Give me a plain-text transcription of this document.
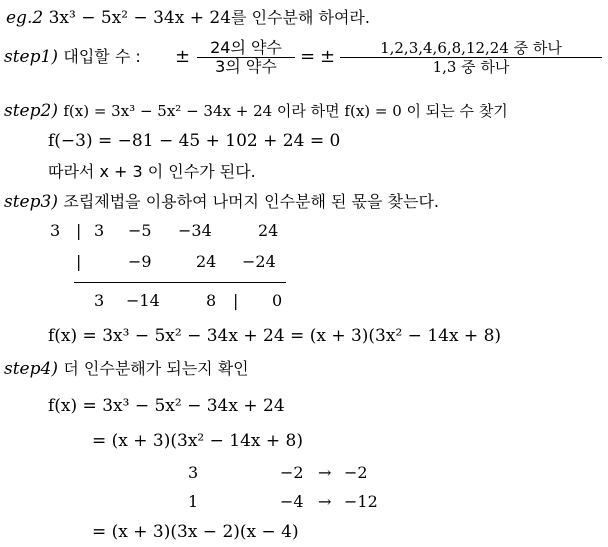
eg.2 3x³ − 5x² − 34x + 24를 인수분해 하여라.
step1) 대입할 수 : ±	24의 약수
3의 약수	= ±	1,2,3,4,6,8,12,24 중 하나
1,3 중 하나
step2) f(x) = 3x³ − 5x² − 34x + 24 이라 하면 f(x) = 0 이 되는 수 찾기
f(−3) = −81 − 45 + 102 + 24 = 0
따라서 x + 3 이 인수가 된다.
step3) 조립제법을 이용하여 나머지 인수분해 된 몫을 찾는다.
3 | 3 −5 −34	24
|	−9	24 −24
3 −14	8 | 0
f(x) = 3x³ − 5x² − 34x + 24 = (x + 3)(3x² − 14x + 8)
step4) 더 인수분해가 되는지 확인
f(x) = 3x³ − 5x² − 34x + 24
= (x + 3)(3x² − 14x + 8)
3	−2 → −2
1	−4 → −12
= (x + 3)(3x − 2)(x − 4)
